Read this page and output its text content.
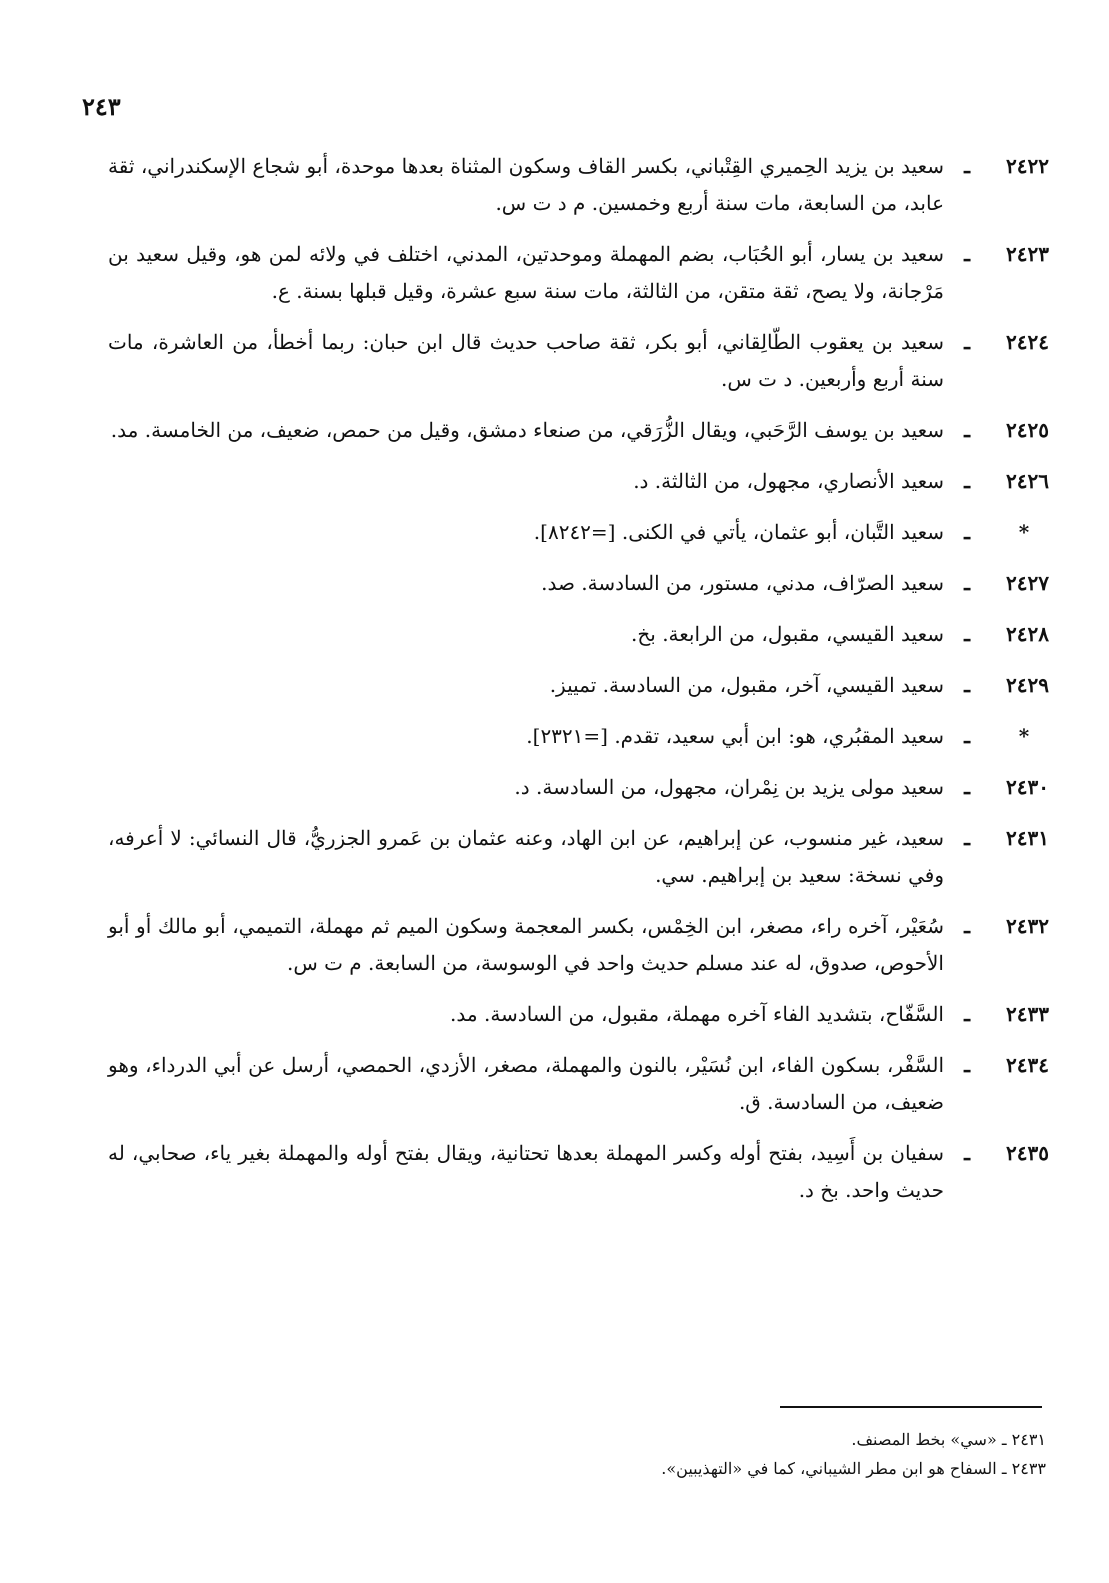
٢٤٣
٢٤٢٢
ـ
سعيد بن يزيد الحِميري القِتْباني، بكسر القاف وسكون المثناة بعدها موحدة، أبو شجاع الإسكندراني، ثقة عابد، من السابعة، مات سنة أربع وخمسين. م د ت س.
٢٤٢٣
ـ
سعيد بن يسار، أبو الحُبَاب، بضم المهملة وموحدتين، المدني، اختلف في ولائه لمن هو، وقيل سعيد بن مَرْجانة، ولا يصح، ثقة متقن، من الثالثة، مات سنة سبع عشرة، وقيل قبلها بسنة. ع.
٢٤٢٤
ـ
سعيد بن يعقوب الطّالِقاني، أبو بكر، ثقة صاحب حديث قال ابن حبان: ربما أخطأ، من العاشرة، مات سنة أربع وأربعين. د ت س.
٢٤٢٥
ـ
سعيد بن يوسف الرَّحَبي، ويقال الزُّرَقي، من صنعاء دمشق، وقيل من حمص، ضعيف، من الخامسة. مد.
٢٤٢٦
ـ
سعيد الأنصاري، مجهول، من الثالثة. د.
*
ـ
سعيد التَّبان، أبو عثمان، يأتي في الكنى. [=٨٢٤٢].
٢٤٢٧
ـ
سعيد الصرّاف، مدني، مستور، من السادسة. صد.
٢٤٢٨
ـ
سعيد القيسي، مقبول، من الرابعة. بخ.
٢٤٢٩
ـ
سعيد القيسي، آخر، مقبول، من السادسة. تمييز.
*
ـ
سعيد المقبُري، هو: ابن أبي سعيد، تقدم. [=٢٣٢١].
٢٤٣٠
ـ
سعيد مولى يزيد بن نِمْران، مجهول، من السادسة. د.
٢٤٣١
ـ
سعيد، غير منسوب، عن إبراهيم، عن ابن الهاد، وعنه عثمان بن عَمرو الجزريُّ، قال النسائي: لا أعرفه، وفي نسخة: سعيد بن إبراهيم. سي.
٢٤٣٢
ـ
سُعَيْر، آخره راء، مصغر، ابن الخِمْس، بكسر المعجمة وسكون الميم ثم مهملة، التميمي، أبو مالك أو أبو الأحوص، صدوق، له عند مسلم حديث واحد في الوسوسة، من السابعة. م ت س.
٢٤٣٣
ـ
السَّفّاح، بتشديد الفاء آخره مهملة، مقبول، من السادسة. مد.
٢٤٣٤
ـ
السَّفْر، بسكون الفاء، ابن نُسَيْر، بالنون والمهملة، مصغر، الأزدي، الحمصي، أرسل عن أبي الدرداء، وهو ضعيف، من السادسة. ق.
٢٤٣٥
ـ
سفيان بن أَسِيد، بفتح أوله وكسر المهملة بعدها تحتانية، ويقال بفتح أوله والمهملة بغير ياء، صحابي، له حديث واحد. بخ د.
٢٤٣١ ـ «سي» بخط المصنف.
٢٤٣٣ ـ السفاح هو ابن مطر الشيباني، كما في «التهذيبين».
